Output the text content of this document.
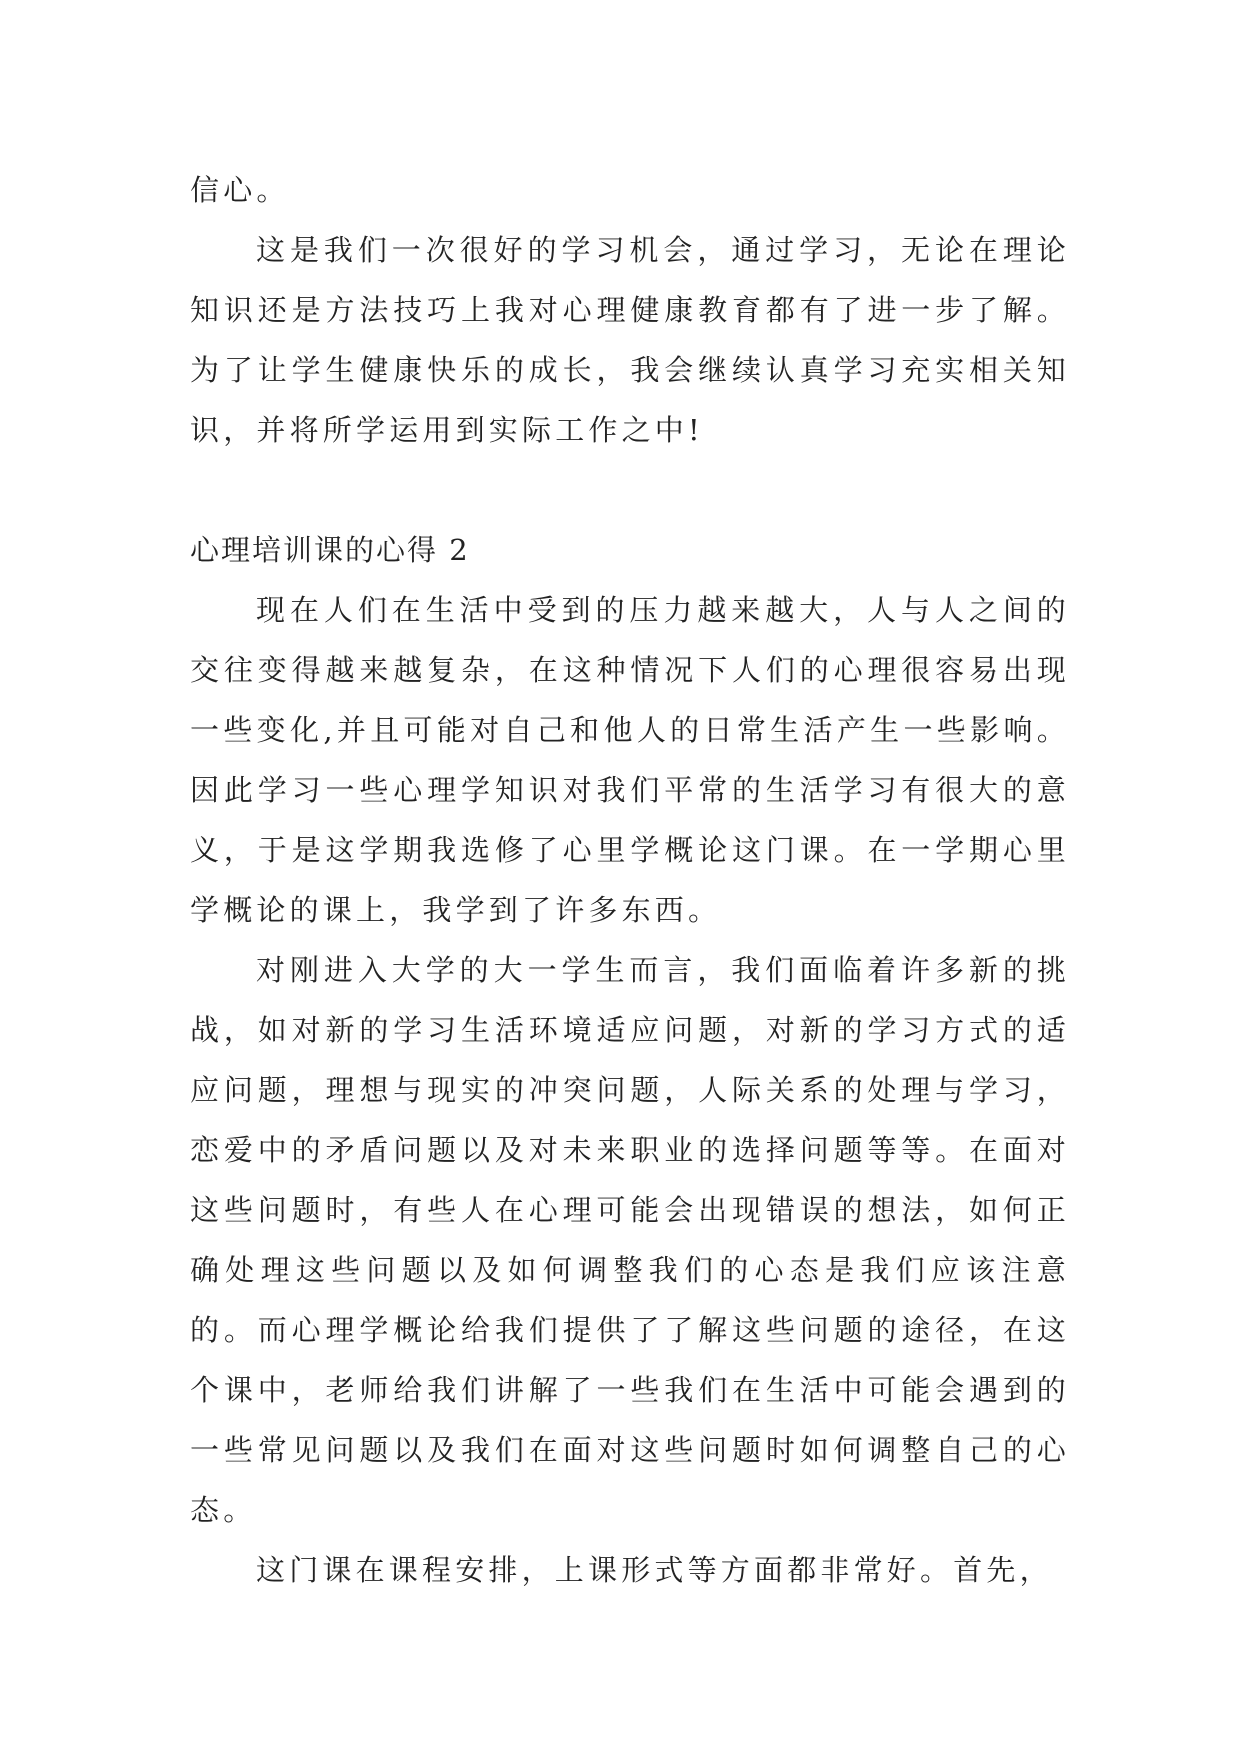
信心。

这是我们一次很好的学习机会，通过学习，无论在理论知识还是方法技巧上我对心理健康教育都有了进一步了解。为了让学生健康快乐的成长，我会继续认真学习充实相关知识，并将所学运用到实际工作之中!

心理培训课的心得 2

现在人们在生活中受到的压力越来越大，人与人之间的交往变得越来越复杂，在这种情况下人们的心理很容易出现一些变化,并且可能对自己和他人的日常生活产生一些影响。因此学习一些心理学知识对我们平常的生活学习有很大的意义，于是这学期我选修了心里学概论这门课。在一学期心里学概论的课上，我学到了许多东西。

对刚进入大学的大一学生而言，我们面临着许多新的挑战，如对新的学习生活环境适应问题，对新的学习方式的适应问题，理想与现实的冲突问题，人际关系的处理与学习，恋爱中的矛盾问题以及对未来职业的选择问题等等。在面对这些问题时，有些人在心理可能会出现错误的想法，如何正确处理这些问题以及如何调整我们的心态是我们应该注意的。而心理学概论给我们提供了了解这些问题的途径，在这个课中，老师给我们讲解了一些我们在生活中可能会遇到的一些常见问题以及我们在面对这些问题时如何调整自己的心态。

这门课在课程安排，上课形式等方面都非常好。首先，
